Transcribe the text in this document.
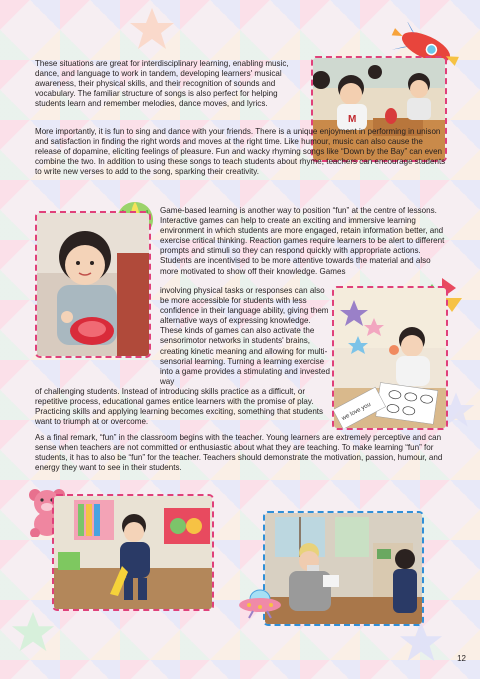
These situations are great for interdisciplinary learning, enabling music, dance, and language to work in tandem, developing learners' musical awareness, their physical skills, and their recognition of sounds and vocabulary. The familiar structure of songs is also perfect for helping students learn and remember melodies, dance moves, and lyrics.

M

More importantly, it is fun to sing and dance with your friends. There is a unique enjoyment in performing in unison and satisfaction in finding the right words and moves at the right time. Like humour, music can also cause the release of dopamine, eliciting feelings of pleasure. Fun and wacky rhyming songs like “Down by the Bay” can even combine the two. In addition to using these songs to teach students about rhyme, teachers can encourage students to write new verses to add to the song, sparking their creativity.

Game-based learning is another way to position “fun” at the centre of lessons. Interactive games can help to create an exciting and immersive learning environment in which students are more engaged, retain information better, and exercise critical thinking. Reaction games require learners to be alert to different prompts and stimuli so they can respond quickly with appropriate actions. Students are incentivised to be more attentive towards the material and also more motivated to show off their knowledge. Games

involving physical tasks or responses can also be more accessible for students with less confidence in their language ability, giving them alternative ways of expressing knowledge. These kinds of games can also activate the sensorimotor networks in students' brains, creating kinetic meaning and allowing for multi-sensorial learning. Turning a learning exercise into a game provides a stimulating and invested way

we love you

of challenging students. Instead of introducing skills practice as a difficult, or repetitive process, educational games entice learners with the promise of play. Practicing skills and applying learning becomes exciting, something that students want to triumph at or overcome.

As a final remark, “fun” in the classroom begins with the teacher. Young learners are extremely perceptive and can sense when teachers are not committed or enthusiastic about what they are teaching. To make learning “fun” for students, it has to also be “fun” for the teacher. Teachers should demonstrate the motivation, passion, humour, and energy they want to see in their students.

12
